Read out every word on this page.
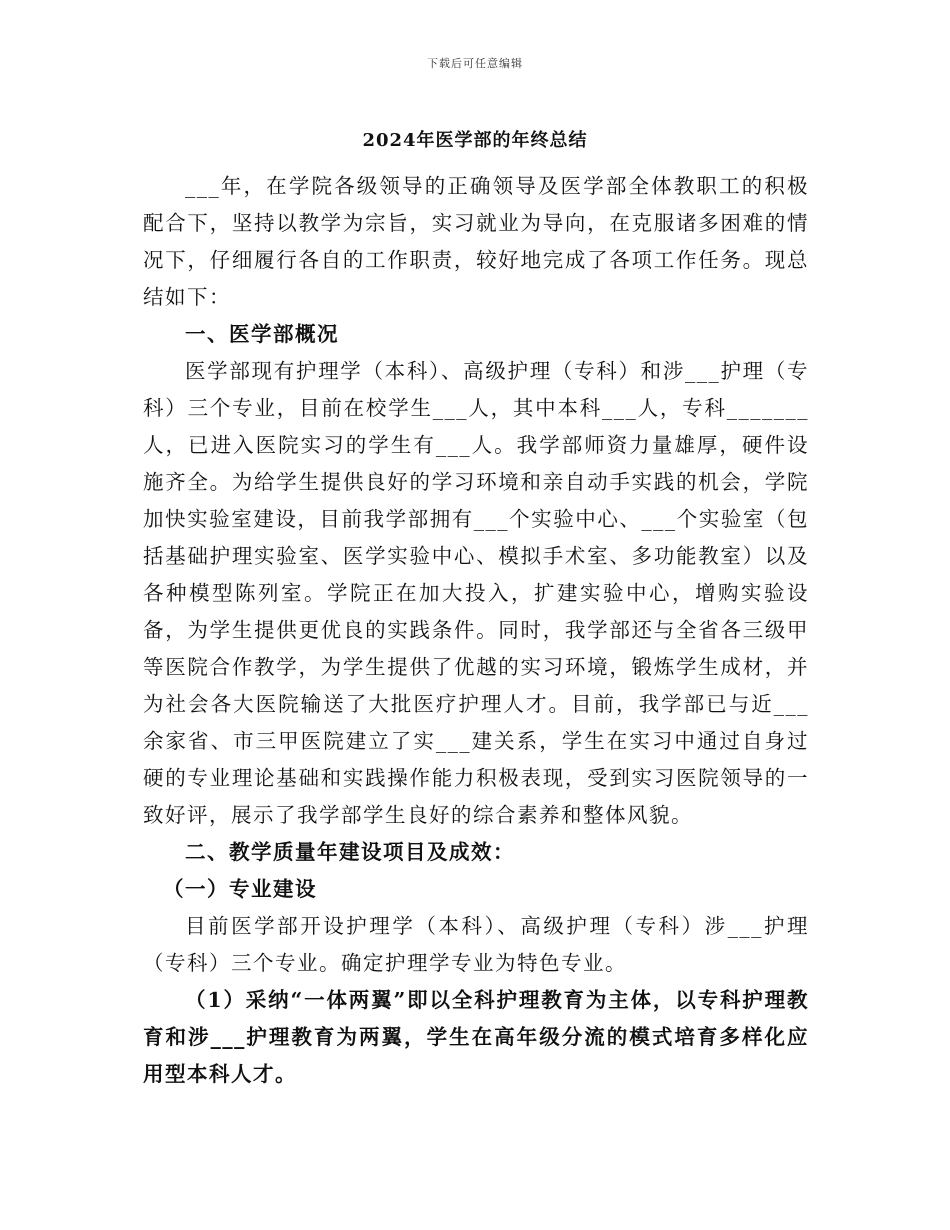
下载后可任意编辑
2024年医学部的年终总结

___年，在学院各级领导的正确领导及医学部全体教职工的积极配合下，坚持以教学为宗旨，实习就业为导向，在克服诸多困难的情况下，仔细履行各自的工作职责，较好地完成了各项工作任务。现总结如下：

一、医学部概况

医学部现有护理学（本科）、高级护理（专科）和涉___护理（专科）三个专业，目前在校学生___人，其中本科___人，专科_______人，已进入医院实习的学生有___人。我学部师资力量雄厚，硬件设施齐全。为给学生提供良好的学习环境和亲自动手实践的机会，学院加快实验室建设，目前我学部拥有___个实验中心、___个实验室（包括基础护理实验室、医学实验中心、模拟手术室、多功能教室）以及各种模型陈列室。学院正在加大投入，扩建实验中心，增购实验设备，为学生提供更优良的实践条件。同时，我学部还与全省各三级甲等医院合作教学，为学生提供了优越的实习环境，锻炼学生成材，并为社会各大医院输送了大批医疗护理人才。目前，我学部已与近___余家省、市三甲医院建立了实___建关系，学生在实习中通过自身过硬的专业理论基础和实践操作能力积极表现，受到实习医院领导的一致好评，展示了我学部学生良好的综合素养和整体风貌。

二、教学质量年建设项目及成效：

（一）专业建设

目前医学部开设护理学（本科）、高级护理（专科）涉___护理（专科）三个专业。确定护理学专业为特色专业。

（1）采纳“一体两翼”即以全科护理教育为主体，以专科护理教育和涉___护理教育为两翼，学生在高年级分流的模式培育多样化应用型本科人才。
